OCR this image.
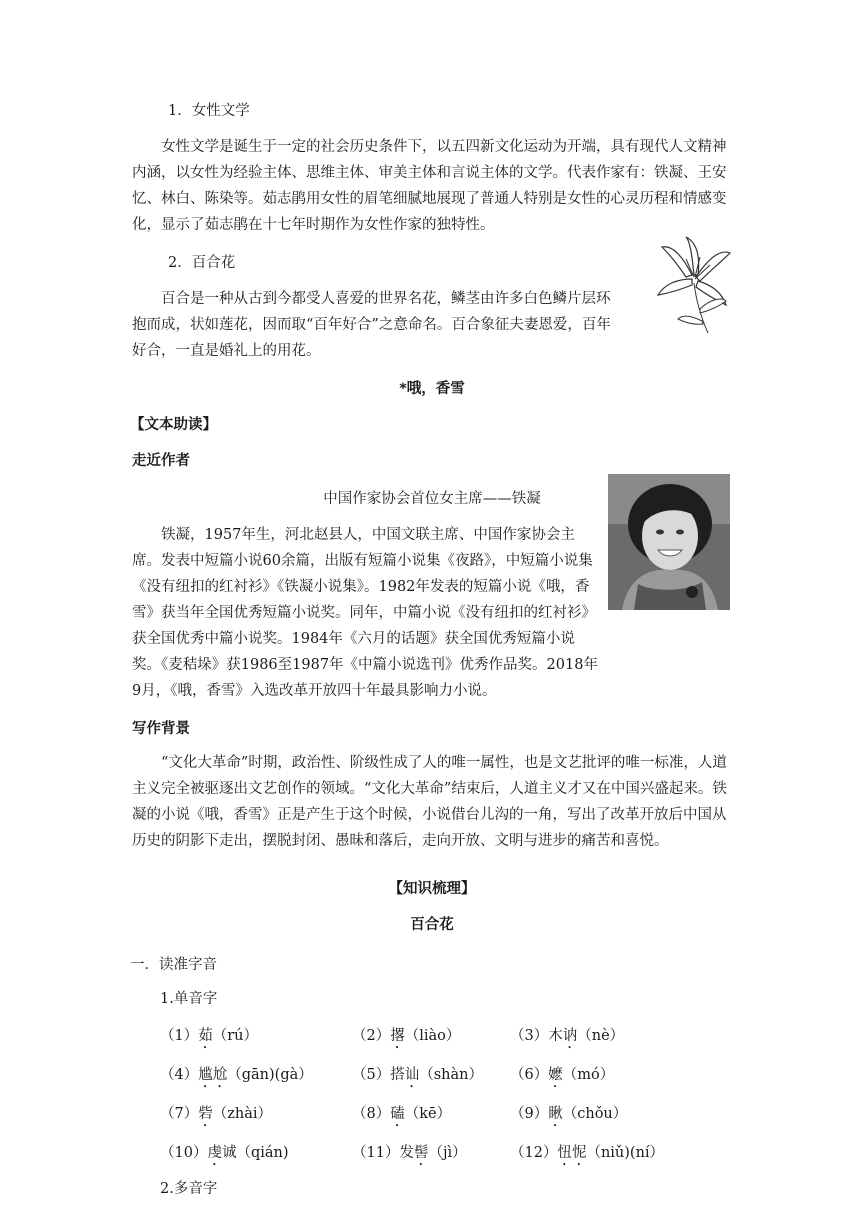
1．女性文学

女性文学是诞生于一定的社会历史条件下，以五四新文化运动为开端，具有现代人文精神内涵，以女性为经验主体、思维主体、审美主体和言说主体的文学。代表作家有：铁凝、王安忆、林白、陈染等。茹志鹃用女性的眉笔细腻地展现了普通人特别是女性的心灵历程和情感变化，显示了茹志鹃在十七年时期作为女性作家的独特性。

2．百合花

百合是一种从古到今都受人喜爱的世界名花，鳞茎由许多白色鳞片层环抱而成，状如莲花，因而取“百年好合”之意命名。百合象征夫妻恩爱，百年好合，一直是婚礼上的用花。

*哦，香雪

【文本助读】

走近作者

中国作家协会首位女主席——铁凝

铁凝，1957年生，河北赵县人，中国文联主席、中国作家协会主席。发表中短篇小说60余篇，出版有短篇小说集《夜路》，中短篇小说集《没有纽扣的红衬衫》《铁凝小说集》。1982年发表的短篇小说《哦，香雪》获当年全国优秀短篇小说奖。同年，中篇小说《没有纽扣的红衬衫》获全国优秀中篇小说奖。1984年《六月的话题》获全国优秀短篇小说奖。《麦秸垛》获1986至1987年《中篇小说选刊》优秀作品奖。2018年9月，《哦，香雪》入选改革开放四十年最具影响力小说。

写作背景

“文化大革命”时期，政治性、阶级性成了人的唯一属性，也是文艺批评的唯一标准，人道主义完全被驱逐出文艺创作的领域。“文化大革命”结束后，人道主义才又在中国兴盛起来。铁凝的小说《哦，香雪》正是产生于这个时候，小说借台儿沟的一角，写出了改革开放后中国从历史的阴影下走出，摆脱封闭、愚昧和落后，走向开放、文明与进步的痛苦和喜悦。

【知识梳理】

百合花

一．读准字音

1.单音字

（1）茹（rú）	（2）撂（liào）	（3）木讷（nè）
（4）尴尬（gān)(gà）	（5）搭讪（shàn）	（6）嬷（mó）
（7）砦（zhài）	（8）磕（kē）	（9）瞅（chǒu）
（10）虔诚（qián)	（11）发髻（jì）	（12）忸怩（niǔ)(ní）

2.多音字
